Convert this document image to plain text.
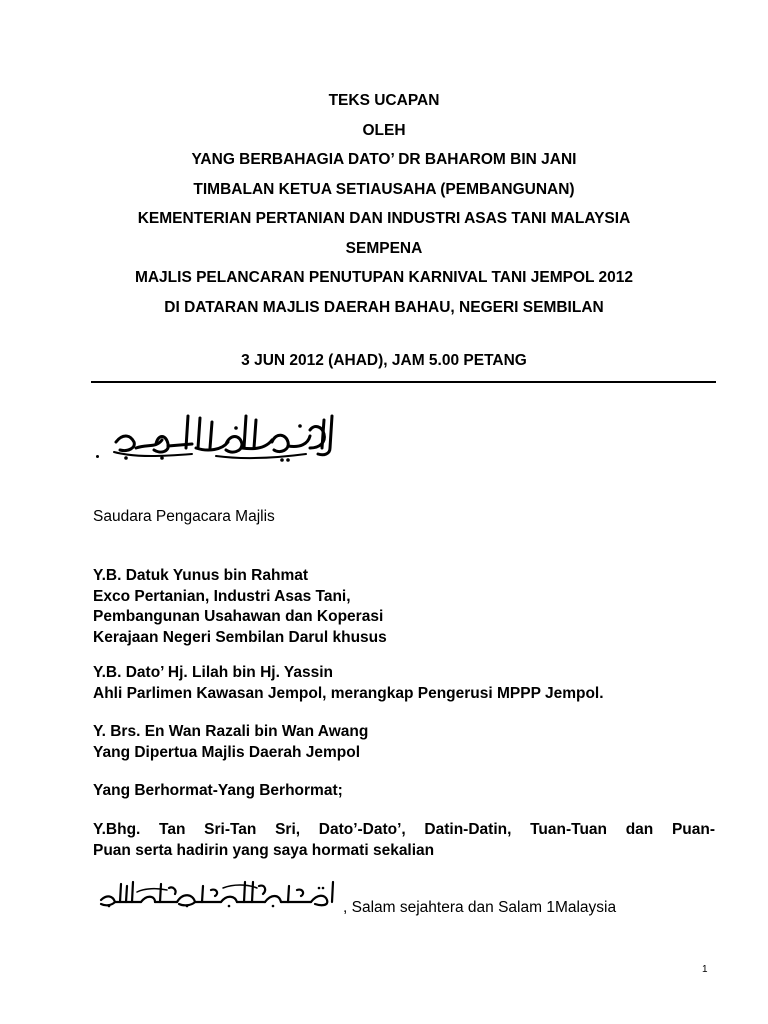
TEKS UCAPAN
OLEH
YANG BERBAHAGIA DATO’ DR BAHAROM BIN JANI
TIMBALAN KETUA SETIAUSAHA (PEMBANGUNAN)
KEMENTERIAN PERTANIAN DAN INDUSTRI ASAS TANI MALAYSIA
SEMPENA
MAJLIS PELANCARAN PENUTUPAN KARNIVAL TANI JEMPOL 2012
DI DATARAN MAJLIS DAERAH BAHAU, NEGERI SEMBILAN
3 JUN 2012 (AHAD), JAM 5.00 PETANG
Saudara Pengacara Majlis
Y.B. Datuk Yunus bin Rahmat
Exco Pertanian, Industri Asas Tani,
Pembangunan Usahawan dan Koperasi
Kerajaan Negeri Sembilan Darul khusus
Y.B. Dato’ Hj. Lilah bin Hj. Yassin
Ahli Parlimen Kawasan Jempol, merangkap Pengerusi MPPP Jempol.
Y. Brs. En Wan Razali bin Wan Awang
Yang Dipertua Majlis Daerah Jempol
Yang Berhormat-Yang Berhormat;
Y.Bhg. Tan Sri-Tan Sri, Dato’-Dato’, Datin-Datin, Tuan-Tuan dan Puan-
Puan serta hadirin yang saya hormati sekalian
, Salam sejahtera dan Salam 1Malaysia
1
